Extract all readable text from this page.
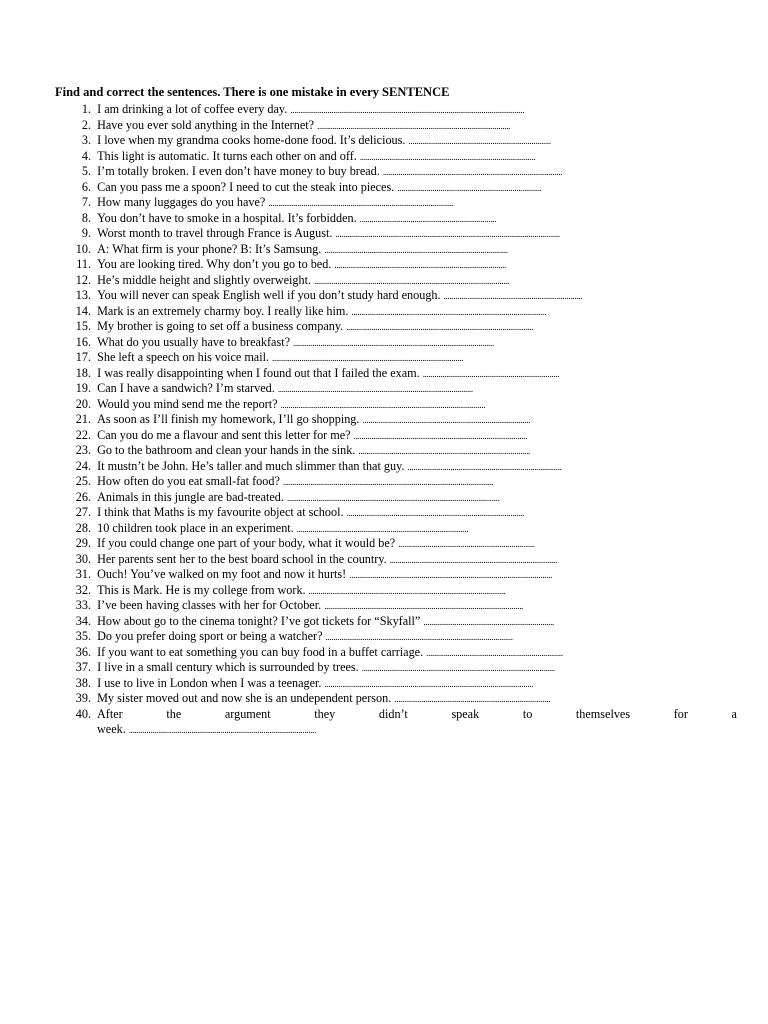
Find and correct the sentences. There is one mistake in every SENTENCE
1.
I am drinking a lot of coffee every day. ........................................................................................................................
2.
Have you ever sold anything in the Internet? ...................................................................................................
3.
I love when my grandma cooks home-done food. It’s delicious. .........................................................................
4.
This light is automatic. It turns each other on and off. ..........................................................................................
5.
I’m totally broken. I even don’t have money to buy bread. ............................................................................................
6.
Can you pass me a spoon? I need to cut the steak into pieces. ..........................................................................
7.
How many luggages do you have? ...............................................................................................
8.
You don’t have to smoke in a hospital. It’s forbidden. ......................................................................
9.
Worst month to travel through France is August. ...................................................................................................................
10.
A: What firm is your phone? B: It’s Samsung. ..............................................................................................
11.
You are looking tired. Why don’t you go to bed. ........................................................................................
12.
He’s middle height and slightly overweight. ....................................................................................................
13.
You will never can speak English well if you don’t study hard enough. .......................................................................
14.
Mark is an extremely charmy boy. I really like him. ....................................................................................................
15.
My brother is going to set off a business company. ................................................................................................
16.
What do you usually have to breakfast? .......................................................................................................
17.
She left a speech on his voice mail. ..................................................................................................
18.
I was really disappointing when I found out that I failed the exam. ......................................................................
19.
Can I have a sandwich? I’m starved. ....................................................................................................
20.
Would you mind send me the report? .........................................................................................................
21.
As soon as I’ll finish my homework, I’ll go shopping. ......................................................................................
22.
Can you do me a flavour and sent this letter for me? .........................................................................................
23.
Go to the bathroom and clean your hands in the sink. ........................................................................................
24.
It mustn’t be John. He’s taller and much slimmer than that guy. ...............................................................................
25.
How often do you eat small-fat food? ............................................................................................................
26.
Animals in this jungle are bad-treated. .............................................................................................................
27.
I think that Maths is my favourite object at school. ...........................................................................................
28.
10 children took place in an experiment. ........................................................................................
29.
If you could change one part of your body, what it would be? ......................................................................
30.
Her parents sent her to the best board school in the country. ......................................................................................
31.
Ouch! You’ve walked on my foot and now it hurts! ........................................................................................................
32.
This is Mark. He is my college from work. .....................................................................................................
33.
I’ve been having classes with her for October. ......................................................................................................
34.
How about go to the cinema tonight? I’ve got tickets for “Skyfall” ...................................................................
35.
Do you prefer doing sport or being a watcher? ................................................................................................
36.
If you want to eat something you can buy food in a buffet carriage. ......................................................................
37.
I live in a small century which is surrounded by trees. ...................................................................................................
38.
I use to live in London when I was a teenager. ...........................................................................................................
39.
My sister moved out and now she is an undependent person. ................................................................................
40. After	the	argument	they	didn’t	speak	to	themselves	for	a
week. ................................................................................................
